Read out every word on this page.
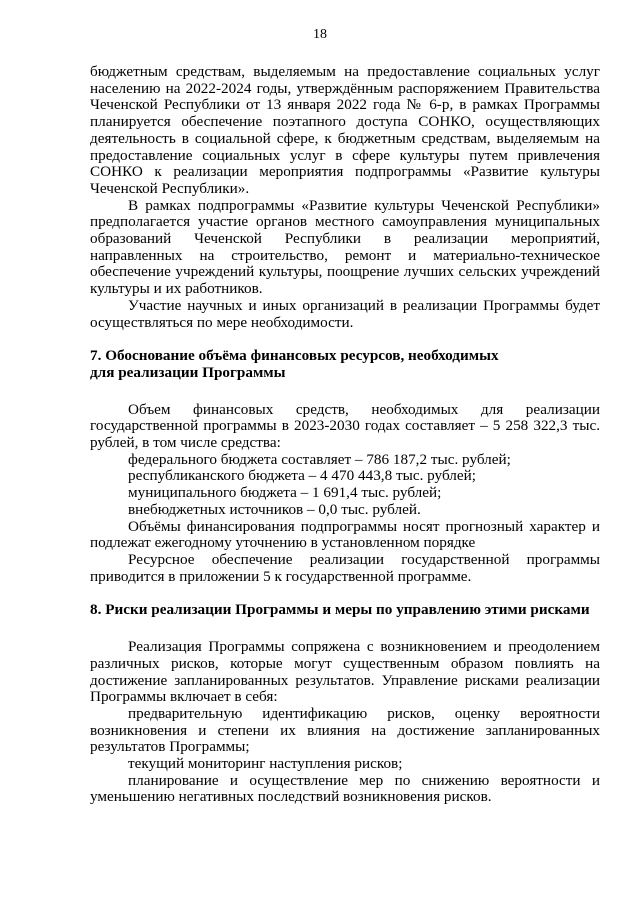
18

бюджетным средствам, выделяемым на предоставление социальных услуг населению на 2022-2024 годы, утверждённым распоряжением Правительства Чеченской Республики от 13 января 2022 года № 6-р, в рамках Программы планируется обеспечение поэтапного доступа СОНКО, осуществляющих деятельность в социальной сфере, к бюджетным средствам, выделяемым на предоставление социальных услуг в сфере культуры путем привлечения СОНКО к реализации мероприятия подпрограммы «Развитие культуры Чеченской Республики».

В рамках подпрограммы «Развитие культуры Чеченской Республики» предполагается участие органов местного самоуправления муниципальных образований Чеченской Республики в реализации мероприятий, направленных на строительство, ремонт и материально-техническое обеспечение учреждений культуры, поощрение лучших сельских учреждений культуры и их работников.

Участие научных и иных организаций в реализации Программы будет осуществляться по мере необходимости.

7. Обоснование объёма финансовых ресурсов, необходимых
для реализации Программы

Объем финансовых средств, необходимых для реализации государственной программы в 2023-2030 годах составляет – 5 258 322,3 тыс. рублей, в том числе средства:

федерального бюджета составляет – 786 187,2 тыс. рублей;

республиканского бюджета – 4 470 443,8 тыс. рублей;

муниципального бюджета – 1 691,4 тыс. рублей;

внебюджетных источников – 0,0 тыс. рублей.

Объёмы финансирования подпрограммы носят прогнозный характер и подлежат ежегодному уточнению в установленном порядке

Ресурсное обеспечение реализации государственной программы приводится в приложении 5 к государственной программе.

8. Риски реализации Программы и меры по управлению этими рисками

Реализация Программы сопряжена с возникновением и преодолением различных рисков, которые могут существенным образом повлиять на достижение запланированных результатов. Управление рисками реализации Программы включает в себя:

предварительную идентификацию рисков, оценку вероятности возникновения и степени их влияния на достижение запланированных результатов Программы;

текущий мониторинг наступления рисков;

планирование и осуществление мер по снижению вероятности и уменьшению негативных последствий возникновения рисков.
